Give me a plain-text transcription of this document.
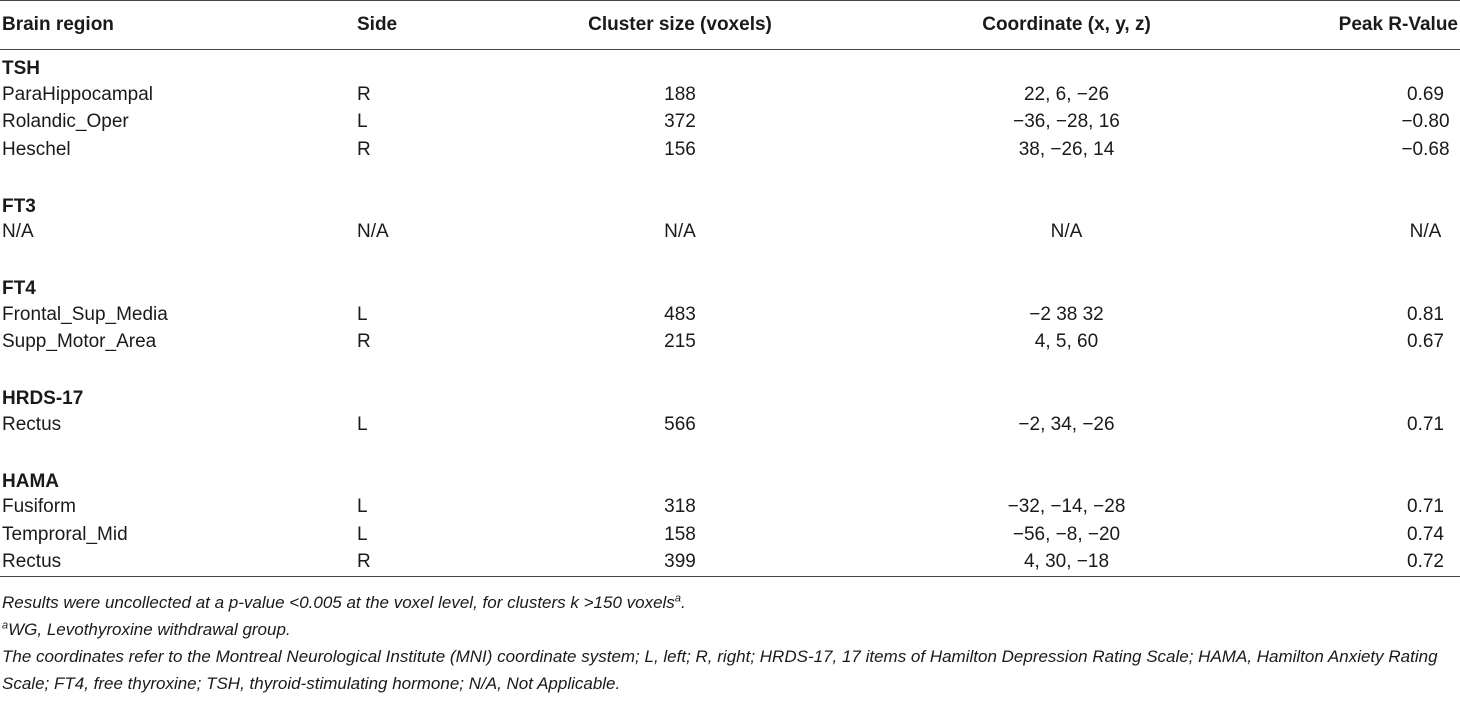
Brain region	Side	Cluster size (voxels)	Coordinate (x, y, z)	Peak R-Value
TSH				
ParaHippocampal	R	188	22, 6, −26	0.69
Rolandic_Oper	L	372	−36, −28, 16	−0.80
Heschel	R	156	38, −26, 14	−0.68

FT3				
N/A	N/A	N/A	N/A	N/A

FT4				
Frontal_Sup_Media	L	483	−2 38 32	0.81
Supp_Motor_Area	R	215	4, 5, 60	0.67

HRDS-17				
Rectus	L	566	−2, 34, −26	0.71

HAMA				
Fusiform	L	318	−32, −14, −28	0.71
Temproral_Mid	L	158	−56, −8, −20	0.74
Rectus	R	399	4, 30, −18	0.72

Results were uncollected at a p-value <0.005 at the voxel level, for clusters k >150 voxels$^a$.

$^a$WG, Levothyroxine withdrawal group.

The coordinates refer to the Montreal Neurological Institute (MNI) coordinate system; L, left; R, right; HRDS-17, 17 items of Hamilton Depression Rating Scale; HAMA, Hamilton Anxiety Rating Scale; FT4, free thyroxine; TSH, thyroid-stimulating hormone; N/A, Not Applicable.
